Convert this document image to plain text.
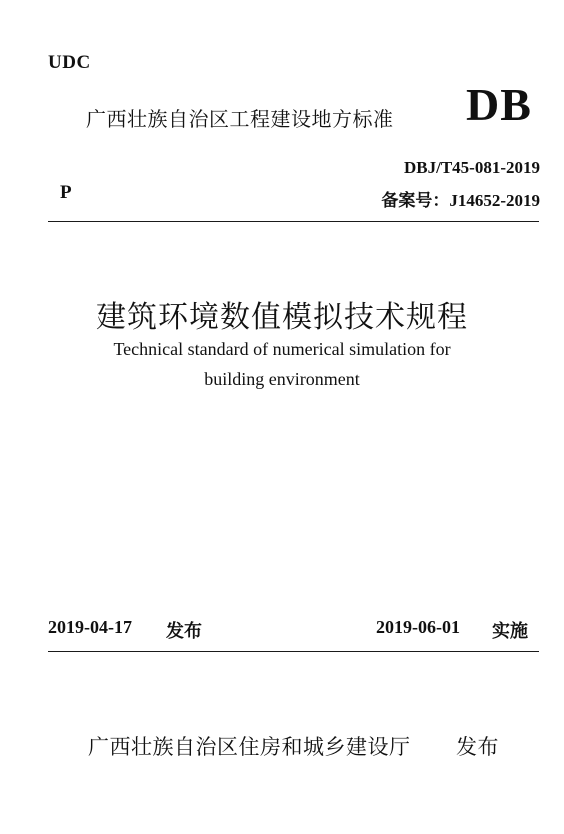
UDC
广西壮族自治区工程建设地方标准 DB
DBJ/T45-081-2019
P	备案号：J14652-2019
建筑环境数值模拟技术规程
Technical standard of numerical simulation for
building environment
2019-04-17 发布	2019-06-01 实施
广西壮族自治区住房和城乡建设厅 发布
